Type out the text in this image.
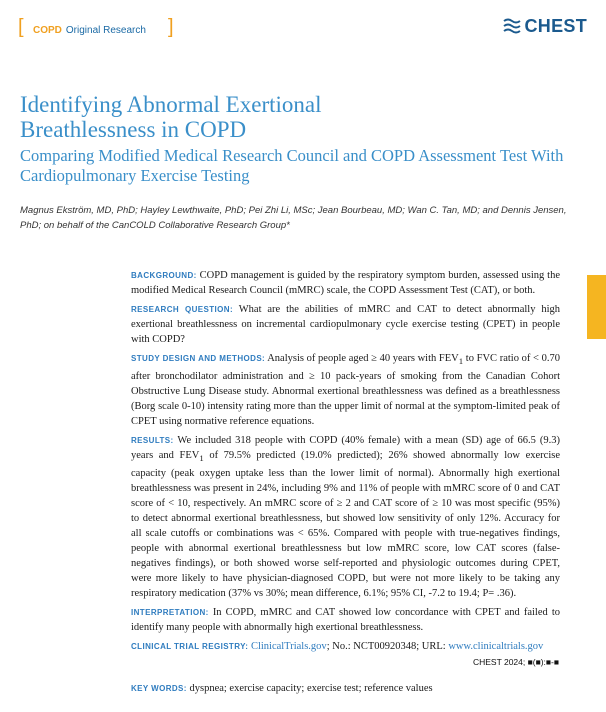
[ COPD Original Research ]	CHEST
Identifying Abnormal Exertional Breathlessness in COPD
Comparing Modified Medical Research Council and COPD Assessment Test With Cardiopulmonary Exercise Testing
Magnus Ekström, MD, PhD; Hayley Lewthwaite, PhD; Pei Zhi Li, MSc; Jean Bourbeau, MD; Wan C. Tan, MD; and Dennis Jensen, PhD; on behalf of the CanCOLD Collaborative Research Group*

BACKGROUND: COPD management is guided by the respiratory symptom burden, assessed using the modified Medical Research Council (mMRC) scale, the COPD Assessment Test (CAT), or both.

RESEARCH QUESTION: What are the abilities of mMRC and CAT to detect abnormally high exertional breathlessness on incremental cardiopulmonary cycle exercise testing (CPET) in people with COPD?

STUDY DESIGN AND METHODS: Analysis of people aged ≥ 40 years with $FEV_1$ to FVC ratio of < 0.70 after bronchodilator administration and ≥ 10 pack-years of smoking from the Canadian Cohort Obstructive Lung Disease study. Abnormal exertional breathlessness was defined as a breathlessness (Borg scale 0-10) intensity rating more than the upper limit of normal at the symptom-limited peak of CPET using normative reference equations.

RESULTS: We included 318 people with COPD (40% female) with a mean (SD) age of 66.5 (9.3) years and $FEV_1$ of 79.5% predicted (19.0% predicted); 26% showed abnormally low exercise capacity (peak oxygen uptake less than the lower limit of normal). Abnormally high exertional breathlessness was present in 24%, including 9% and 11% of people with mMRC score of 0 and CAT score of < 10, respectively. An mMRC score of ≥ 2 and CAT score of ≥ 10 was most specific (95%) to detect abnormal exertional breathlessness, but showed low sensitivity of only 12%. Accuracy for all scale cutoffs or combinations was < 65%. Compared with people with true-negatives findings, people with abnormal exertional breathlessness but low mMRC score, low CAT scores (false-negatives findings), or both showed worse self-reported and physiologic outcomes during CPET, were more likely to have physician-diagnosed COPD, but were not more likely to be taking any respiratory medication (37% vs 30%; mean difference, 6.1%; 95% CI, -7.2 to 19.4; P= .36).

INTERPRETATION: In COPD, mMRC and CAT showed low concordance with CPET and failed to identify many people with abnormally high exertional breathlessness.

CLINICAL TRIAL REGISTRY: ClinicalTrials.gov; No.: NCT00920348; URL: www.clinicaltrials.gov

CHEST 2024; ■(■):■-■
KEY WORDS: dyspnea; exercise capacity; exercise test; reference values
